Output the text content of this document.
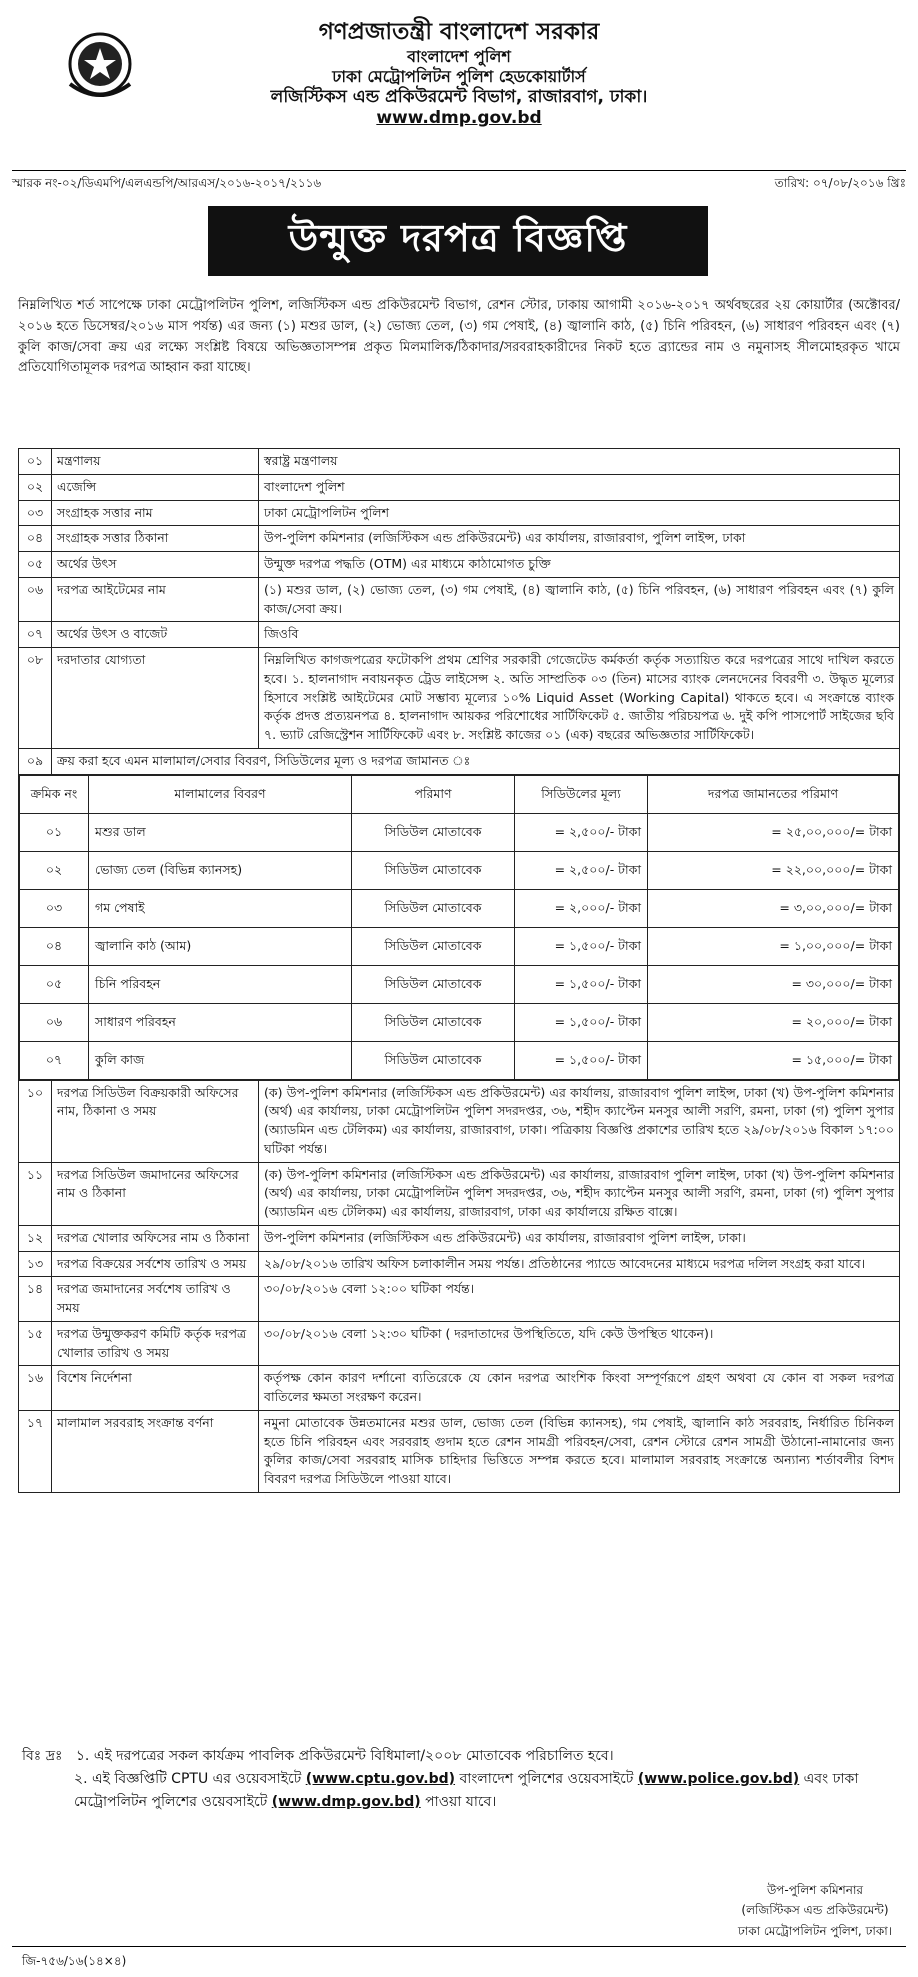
গণপ্রজাতন্ত্রী বাংলাদেশ সরকার
বাংলাদেশ পুলিশ
ঢাকা মেট্রোপলিটন পুলিশ হেডকোয়ার্টার্স
লজিস্টিকস এন্ড প্রকিউরমেন্ট বিভাগ, রাজারবাগ, ঢাকা।
www.dmp.gov.bd
স্মারক নং-০২/ডিএমপি/এলএন্ডপি/আরএস/২০১৬-২০১৭/২১১৬	তারিখ: ০৭/০৮/২০১৬ খ্রিঃ
উন্মুক্ত দরপত্র বিজ্ঞপ্তি
নিম্নলিখিত শর্ত সাপেক্ষে ঢাকা মেট্রোপলিটন পুলিশ, লজিস্টিকস এন্ড প্রকিউরমেন্ট বিভাগ, রেশন স্টোর, ঢাকায় আগামী ২০১৬-২০১৭ অর্থবছরের ২য় কোয়ার্টার (অক্টোবর/২০১৬ হতে ডিসেম্বর/২০১৬ মাস পর্যন্ত) এর জন্য (১) মশুর ডাল, (২) ভোজ্য তেল, (৩) গম পেষাই, (৪) জ্বালানি কাঠ, (৫) চিনি পরিবহন, (৬) সাধারণ পরিবহন এবং (৭) কুলি কাজ/সেবা ক্রয় এর লক্ষ্যে সংশ্লিষ্ট বিষয়ে অভিজ্ঞতাসম্পন্ন প্রকৃত মিলমালিক/ঠিকাদার/সরবরাহকারীদের নিকট হতে ব্র্যান্ডের নাম ও নমুনাসহ সীলমোহরকৃত খামে প্রতিযোগিতামূলক দরপত্র আহ্বান করা যাচ্ছে।
০১	মন্ত্রণালয়	স্বরাষ্ট্র মন্ত্রণালয়
০২	এজেন্সি	বাংলাদেশ পুলিশ
০৩	সংগ্রাহক সত্তার নাম	ঢাকা মেট্রোপলিটন পুলিশ
০৪	সংগ্রাহক সত্তার ঠিকানা	উপ-পুলিশ কমিশনার (লজিস্টিকস এন্ড প্রকিউরমেন্ট) এর কার্যালয়, রাজারবাগ, পুলিশ লাইন্স, ঢাকা
০৫	অর্থের উৎস	উন্মুক্ত দরপত্র পদ্ধতি (OTM) এর মাধ্যমে কাঠামোগত চুক্তি
০৬	দরপত্র আইটেমের নাম	(১) মশুর ডাল, (২) ভোজ্য তেল, (৩) গম পেষাই, (৪) জ্বালানি কাঠ, (৫) চিনি পরিবহন, (৬) সাধারণ পরিবহন এবং (৭) কুলি কাজ/সেবা ক্রয়।
০৭	অর্থের উৎস ও বাজেট	জিওবি
০৮	দরদাতার যোগ্যতা	নিম্নলিখিত কাগজপত্রের ফটোকপি প্রথম শ্রেণির সরকারী গেজেটেড কর্মকর্তা কর্তৃক সত্যায়িত করে দরপত্রের সাথে দাখিল করতে হবে। ১. হালনাগাদ নবায়নকৃত ট্রেড লাইসেন্স ২. অতি সাম্প্রতিক ০৩ (তিন) মাসের ব্যাংক লেনদেনের বিবরণী ৩. উদ্ধৃত মূল্যের হিসাবে সংশ্লিষ্ট আইটেমের মোট সম্ভাব্য মূল্যের ১০% Liquid Asset (Working Capital) থাকতে হবে। এ সংক্রান্তে ব্যাংক কর্তৃক প্রদত্ত প্রত্যয়নপত্র ৪. হালনাগাদ আয়কর পরিশোধের সার্টিফিকেট ৫. জাতীয় পরিচয়পত্র ৬. দুই কপি পাসপোর্ট সাইজের ছবি ৭. ভ্যাট রেজিস্ট্রেশন সার্টিফিকেট এবং ৮. সংশ্লিষ্ট কাজের ০১ (এক) বছরের অভিজ্ঞতার সার্টিফিকেট।
০৯	ক্রয় করা হবে এমন মালামাল/সেবার বিবরণ, সিডিউলের মূল্য ও দরপত্র জামানত ঃ

ক্রমিক নং	মালামালের বিবরণ	পরিমাণ	সিডিউলের মূল্য	দরপত্র জামানতের পরিমাণ
০১	মশুর ডাল	সিডিউল মোতাবেক	= ২,৫০০/- টাকা	= ২৫,০০,০০০/= টাকা
০২	ভোজ্য তেল (বিভিন্ন ক্যানসহ)	সিডিউল মোতাবেক	= ২,৫০০/- টাকা	= ২২,০০,০০০/= টাকা
০৩	গম পেষাই	সিডিউল মোতাবেক	= ২,০০০/- টাকা	= ৩,০০,০০০/= টাকা
০৪	জ্বালানি কাঠ (আম)	সিডিউল মোতাবেক	= ১,৫০০/- টাকা	= ১,০০,০০০/= টাকা
০৫	চিনি পরিবহন	সিডিউল মোতাবেক	= ১,৫০০/- টাকা	= ৩০,০০০/= টাকা
০৬	সাধারণ পরিবহন	সিডিউল মোতাবেক	= ১,৫০০/- টাকা	= ২০,০০০/= টাকা
০৭	কুলি কাজ	সিডিউল মোতাবেক	= ১,৫০০/- টাকা	= ১৫,০০০/= টাকা

১০	দরপত্র সিডিউল বিক্রয়কারী অফিসের নাম, ঠিকানা ও সময়	(ক) উপ-পুলিশ কমিশনার (লজিস্টিকস এন্ড প্রকিউরমেন্ট) এর কার্যালয়, রাজারবাগ পুলিশ লাইন্স, ঢাকা (খ) উপ-পুলিশ কমিশনার (অর্থ) এর কার্যালয়, ঢাকা মেট্রোপলিটন পুলিশ সদরদপ্তর, ৩৬, শহীদ ক্যাপ্টেন মনসুর আলী সরণি, রমনা, ঢাকা (গ) পুলিশ সুপার (অ্যাডমিন এন্ড টেলিকম) এর কার্যালয়, রাজারবাগ, ঢাকা। পত্রিকায় বিজ্ঞপ্তি প্রকাশের তারিখ হতে ২৯/০৮/২০১৬ বিকাল ১৭:০০ ঘটিকা পর্যন্ত।
১১	দরপত্র সিডিউল জমাদানের অফিসের নাম ও ঠিকানা	(ক) উপ-পুলিশ কমিশনার (লজিস্টিকস এন্ড প্রকিউরমেন্ট) এর কার্যালয়, রাজারবাগ পুলিশ লাইন্স, ঢাকা (খ) উপ-পুলিশ কমিশনার (অর্থ) এর কার্যালয়, ঢাকা মেট্রোপলিটন পুলিশ সদরদপ্তর, ৩৬, শহীদ ক্যাপ্টেন মনসুর আলী সরণি, রমনা, ঢাকা (গ) পুলিশ সুপার (অ্যাডমিন এন্ড টেলিকম) এর কার্যালয়, রাজারবাগ, ঢাকা এর কার্যালয়ে রক্ষিত বাক্সে।
১২	দরপত্র খোলার অফিসের নাম ও ঠিকানা	উপ-পুলিশ কমিশনার (লজিস্টিকস এন্ড প্রকিউরমেন্ট) এর কার্যালয়, রাজারবাগ পুলিশ লাইন্স, ঢাকা।
১৩	দরপত্র বিক্রয়ের সর্বশেষ তারিখ ও সময়	২৯/০৮/২০১৬ তারিখ অফিস চলাকালীন সময় পর্যন্ত। প্রতিষ্ঠানের প্যাডে আবেদনের মাধ্যমে দরপত্র দলিল সংগ্রহ করা যাবে।
১৪	দরপত্র জমাদানের সর্বশেষ তারিখ ও সময়	৩০/০৮/২০১৬ বেলা ১২:০০ ঘটিকা পর্যন্ত।
১৫	দরপত্র উন্মুক্তকরণ কমিটি কর্তৃক দরপত্র খোলার তারিখ ও সময়	৩০/০৮/২০১৬ বেলা ১২:৩০ ঘটিকা ( দরদাতাদের উপস্থিতিতে, যদি কেউ উপস্থিত থাকেন)।
১৬	বিশেষ নির্দেশনা	কর্তৃপক্ষ কোন কারণ দর্শানো ব্যতিরেকে যে কোন দরপত্র আংশিক কিংবা সম্পূর্ণরূপে গ্রহণ অথবা যে কোন বা সকল দরপত্র বাতিলের ক্ষমতা সংরক্ষণ করেন।
১৭	মালামাল সরবরাহ সংক্রান্ত বর্ণনা	নমুনা মোতাবেক উন্নতমানের মশুর ডাল, ভোজ্য তেল (বিভিন্ন ক্যানসহ), গম পেষাই, জ্বালানি কাঠ সরবরাহ, নির্ধারিত চিনিকল হতে চিনি পরিবহন এবং সরবরাহ গুদাম হতে রেশন সামগ্রী পরিবহন/সেবা, রেশন স্টোরে রেশন সামগ্রী উঠানো-নামানোর জন্য কুলির কাজ/সেবা সরবরাহ মাসিক চাহিদার ভিত্তিতে সম্পন্ন করতে হবে। মালামাল সরবরাহ সংক্রান্তে অন্যান্য শর্তাবলীর বিশদ বিবরণ দরপত্র সিডিউলে পাওয়া যাবে।
বিঃ দ্রঃ ১. এই দরপত্রের সকল কার্যক্রম পাবলিক প্রকিউরমেন্ট বিধিমালা/২০০৮ মোতাবেক পরিচালিত হবে।
২. এই বিজ্ঞপ্তিটি CPTU এর ওয়েবসাইটে (www.cptu.gov.bd) বাংলাদেশ পুলিশের ওয়েবসাইটে (www.police.gov.bd) এবং ঢাকা মেট্রোপলিটন পুলিশের ওয়েবসাইটে (www.dmp.gov.bd) পাওয়া যাবে।
উপ-পুলিশ কমিশনার
(লজিস্টিকস এন্ড প্রকিউরমেন্ট)
ঢাকা মেট্রোপলিটন পুলিশ, ঢাকা।
জি-৭৫৬/১৬(১৪×৪)
